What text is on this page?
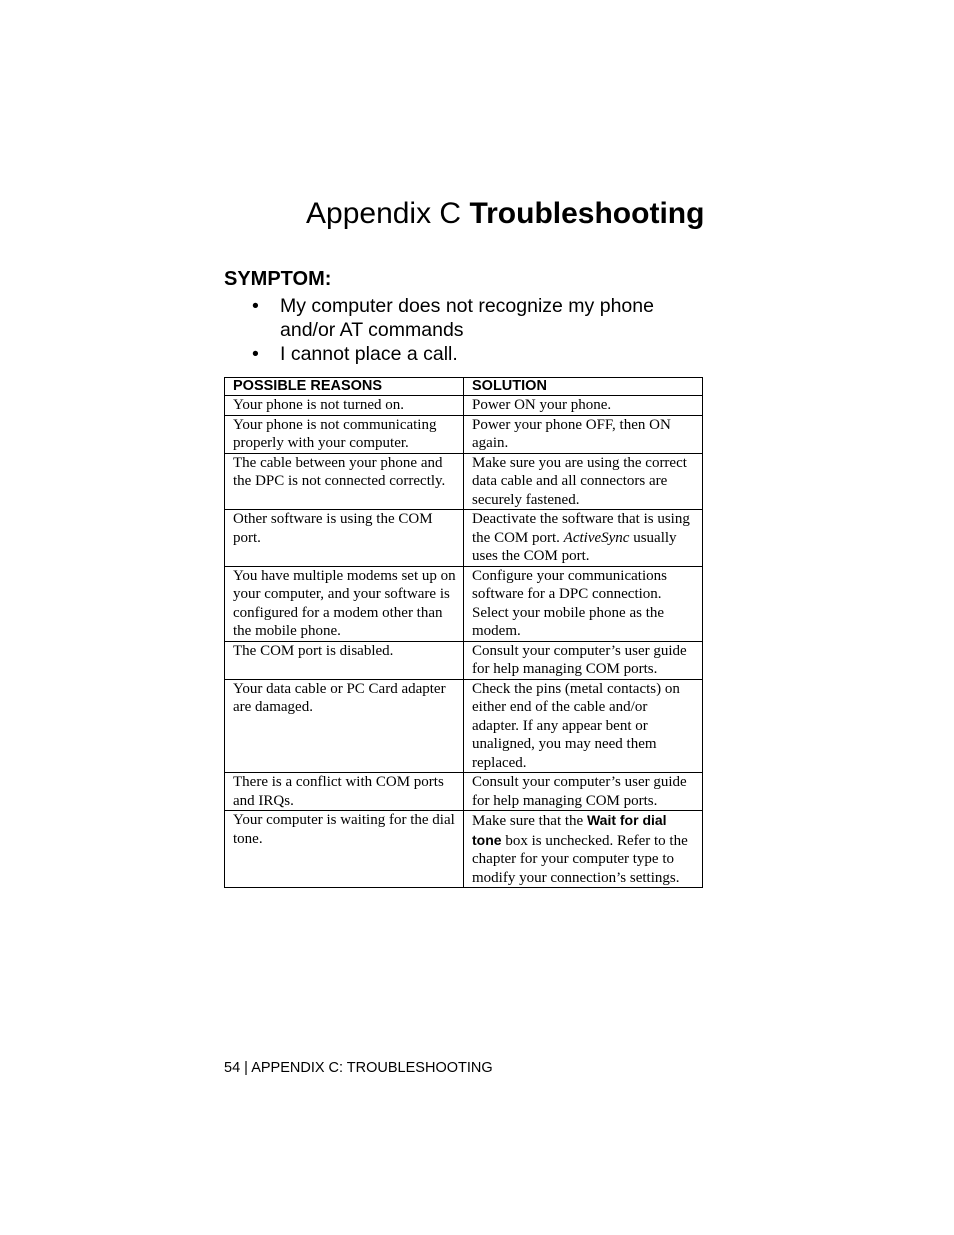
Appendix C Troubleshooting
SYMPTOM:
• My computer does not recognize my phone and/or AT commands
• I cannot place a call.
POSSIBLE REASONS	SOLUTION
Your phone is not turned on.	Power ON your phone.
Your phone is not communicating properly with your computer.	Power your phone OFF, then ON again.
The cable between your phone and the DPC is not connected correctly.	Make sure you are using the correct data cable and all connectors are securely fastened.
Other software is using the COM port.	Deactivate the software that is using the COM port. ActiveSync usually uses the COM port.
You have multiple modems set up on your computer, and your software is configured for a modem other than the mobile phone.	Configure your communications software for a DPC connection. Select your mobile phone as the modem.
The COM port is disabled.	Consult your computer’s user guide for help managing COM ports.
Your data cable or PC Card adapter are damaged.	Check the pins (metal contacts) on either end of the cable and/or adapter. If any appear bent or unaligned, you may need them replaced.
There is a conflict with COM ports and IRQs.	Consult your computer’s user guide for help managing COM ports.
Your computer is waiting for the dial tone.	Make sure that the Wait for dial tone box is unchecked. Refer to the chapter for your computer type to modify your connection’s settings.

54 | APPENDIX C: TROUBLESHOOTING
